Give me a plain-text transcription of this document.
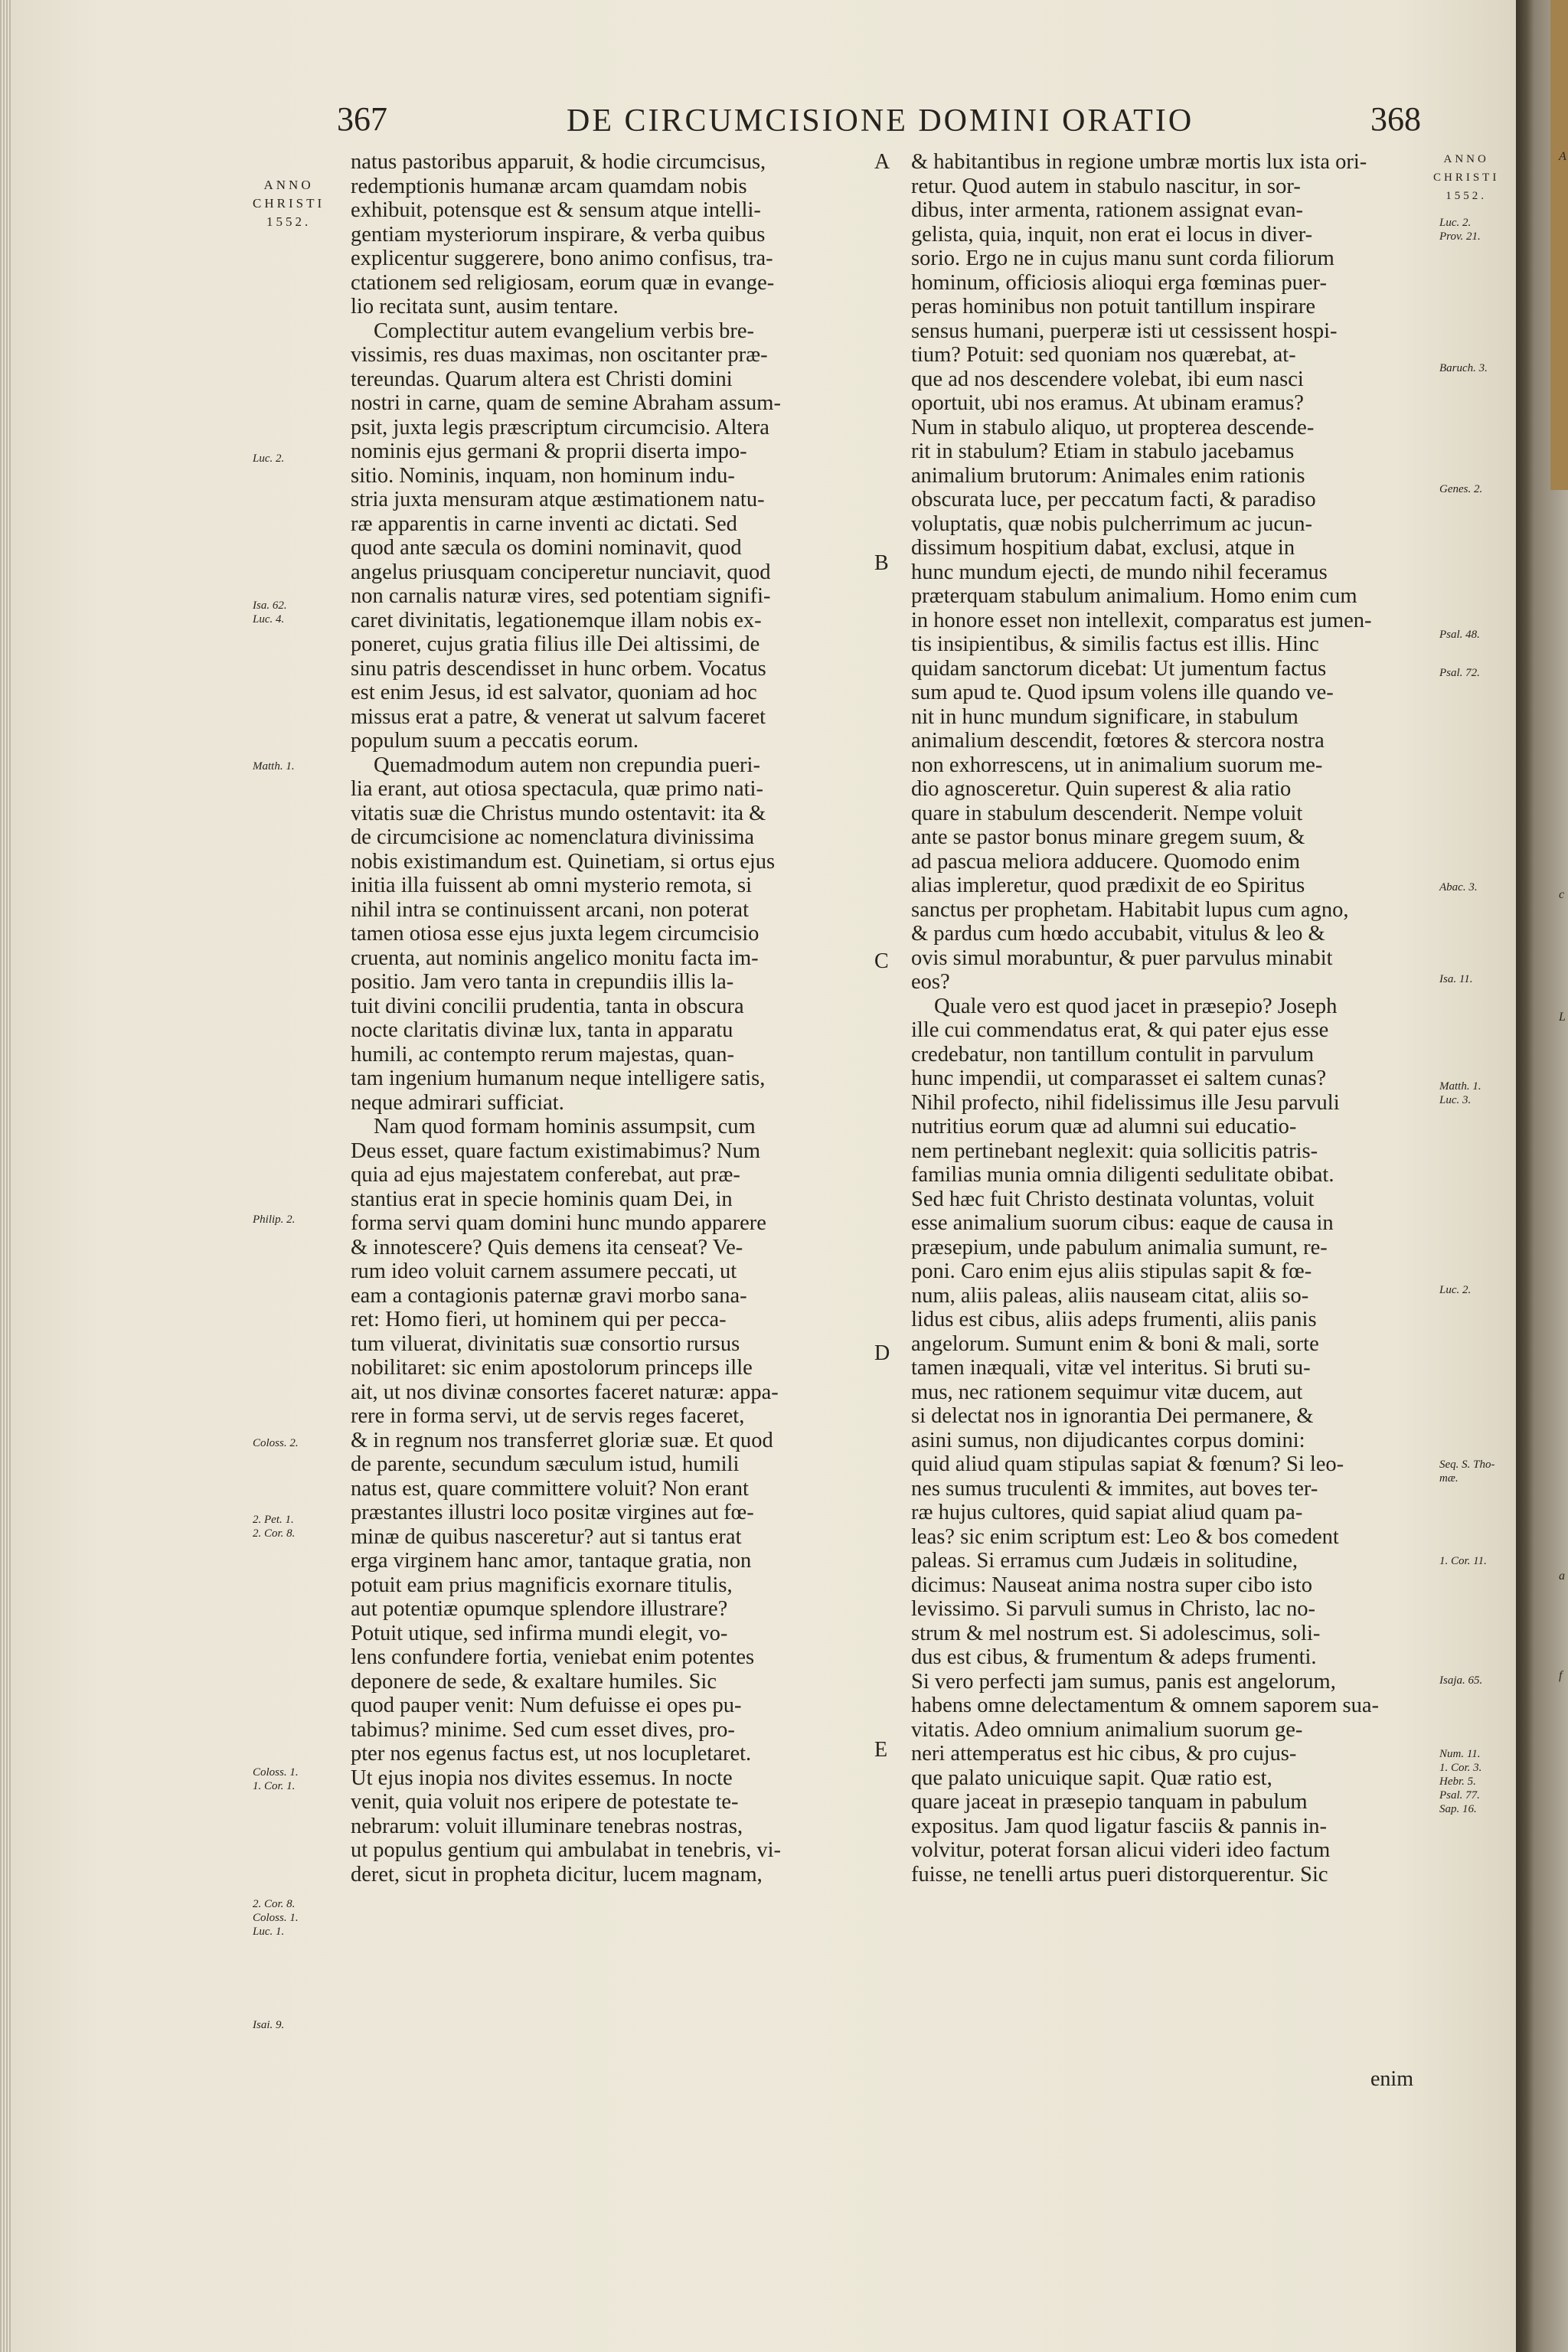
A
c
L
a
f
367	DE CIRCUMCISIONE DOMINI ORATIO	368
ANNO
CHRISTI
1552.
ANNO
CHRISTI
1552.

natus pastoribus apparuit, & hodie circumcisus,
redemptionis humanæ arcam quamdam nobis
exhibuit, potensque est & sensum atque intelli-
gentiam mysteriorum inspirare, & verba quibus
explicentur suggerere, bono animo confisus, tra-
ctationem sed religiosam, eorum quæ in evange-
lio recitata sunt, ausim tentare.

Complectitur autem evangelium verbis bre-
vissimis, res duas maximas, non oscitanter præ-
tereundas. Quarum altera est Christi domini
nostri in carne, quam de semine Abraham assum-
psit, juxta legis præscriptum circumcisio. Altera
nominis ejus germani & proprii diserta impo-
sitio. Nominis, inquam, non hominum indu-
stria juxta mensuram atque æstimationem natu-
ræ apparentis in carne inventi ac dictati. Sed
quod ante sæcula os domini nominavit, quod
angelus priusquam conciperetur nunciavit, quod
non carnalis naturæ vires, sed potentiam signifi-
caret divinitatis, legationemque illam nobis ex-
poneret, cujus gratia filius ille Dei altissimi, de
sinu patris descendisset in hunc orbem. Vocatus
est enim Jesus, id est salvator, quoniam ad hoc
missus erat a patre, & venerat ut salvum faceret
populum suum a peccatis eorum.

Quemadmodum autem non crepundia pueri-
lia erant, aut otiosa spectacula, quæ primo nati-
vitatis suæ die Christus mundo ostentavit: ita &
de circumcisione ac nomenclatura divinissima
nobis existimandum est. Quinetiam, si ortus ejus
initia illa fuissent ab omni mysterio remota, si
nihil intra se continuissent arcani, non poterat
tamen otiosa esse ejus juxta legem circumcisio
cruenta, aut nominis angelico monitu facta im-
positio. Jam vero tanta in crepundiis illis la-
tuit divini concilii prudentia, tanta in obscura
nocte claritatis divinæ lux, tanta in apparatu
humili, ac contempto rerum majestas, quan-
tam ingenium humanum neque intelligere satis,
neque admirari sufficiat.

Nam quod formam hominis assumpsit, cum
Deus esset, quare factum existimabimus? Num
quia ad ejus majestatem conferebat, aut præ-
stantius erat in specie hominis quam Dei, in
forma servi quam domini hunc mundo apparere
& innotescere? Quis demens ita censeat? Ve-
rum ideo voluit carnem assumere peccati, ut
eam a contagionis paternæ gravi morbo sana-
ret: Homo fieri, ut hominem qui per pecca-
tum viluerat, divinitatis suæ consortio rursus
nobilitaret: sic enim apostolorum princeps ille
ait, ut nos divinæ consortes faceret naturæ: appa-
rere in forma servi, ut de servis reges faceret,
& in regnum nos transferret gloriæ suæ. Et quod
de parente, secundum sæculum istud, humili
natus est, quare committere voluit? Non erant
præstantes illustri loco positæ virgines aut fœ-
minæ de quibus nasceretur? aut si tantus erat
erga virginem hanc amor, tantaque gratia, non
potuit eam prius magnificis exornare titulis,
aut potentiæ opumque splendore illustrare?
Potuit utique, sed infirma mundi elegit, vo-
lens confundere fortia, veniebat enim potentes
deponere de sede, & exaltare humiles. Sic
quod pauper venit: Num defuisse ei opes pu-
tabimus? minime. Sed cum esset dives, pro-
pter nos egenus factus est, ut nos locupletaret.
Ut ejus inopia nos divites essemus. In nocte
venit, quia voluit nos eripere de potestate te-
nebrarum: voluit illuminare tenebras nostras,
ut populus gentium qui ambulabat in tenebris, vi-
deret, sicut in propheta dicitur, lucem magnam,

& habitantibus in regione umbræ mortis lux ista ori-
retur. Quod autem in stabulo nascitur, in sor-
dibus, inter armenta, rationem assignat evan-
gelista, quia, inquit, non erat ei locus in diver-
sorio. Ergo ne in cujus manu sunt corda filiorum
hominum, officiosis alioqui erga fœminas puer-
peras hominibus non potuit tantillum inspirare
sensus humani, puerperæ isti ut cessissent hospi-
tium? Potuit: sed quoniam nos quærebat, at-
que ad nos descendere volebat, ibi eum nasci
oportuit, ubi nos eramus. At ubinam eramus?
Num in stabulo aliquo, ut propterea descende-
rit in stabulum? Etiam in stabulo jacebamus
animalium brutorum: Animales enim rationis
obscurata luce, per peccatum facti, & paradiso
voluptatis, quæ nobis pulcherrimum ac jucun-
dissimum hospitium dabat, exclusi, atque in
hunc mundum ejecti, de mundo nihil feceramus
præterquam stabulum animalium. Homo enim cum
in honore esset non intellexit, comparatus est jumen-
tis insipientibus, & similis factus est illis. Hinc
quidam sanctorum dicebat: Ut jumentum factus
sum apud te. Quod ipsum volens ille quando ve-
nit in hunc mundum significare, in stabulum
animalium descendit, fœtores & stercora nostra
non exhorrescens, ut in animalium suorum me-
dio agnosceretur. Quin superest & alia ratio
quare in stabulum descenderit. Nempe voluit
ante se pastor bonus minare gregem suum, &
ad pascua meliora adducere. Quomodo enim
alias impleretur, quod prædixit de eo Spiritus
sanctus per prophetam. Habitabit lupus cum agno,
& pardus cum hœdo accubabit, vitulus & leo &
ovis simul morabuntur, & puer parvulus minabit
eos?

Quale vero est quod jacet in præsepio? Joseph
ille cui commendatus erat, & qui pater ejus esse
credebatur, non tantillum contulit in parvulum
hunc impendii, ut comparasset ei saltem cunas?
Nihil profecto, nihil fidelissimus ille Jesu parvuli
nutritius eorum quæ ad alumni sui educatio-
nem pertinebant neglexit: quia sollicitis patris-
familias munia omnia diligenti sedulitate obibat.
Sed hæc fuit Christo destinata voluntas, voluit
esse animalium suorum cibus: eaque de causa in
præsepium, unde pabulum animalia sumunt, re-
poni. Caro enim ejus aliis stipulas sapit & fœ-
num, aliis paleas, aliis nauseam citat, aliis so-
lidus est cibus, aliis adeps frumenti, aliis panis
angelorum. Sumunt enim & boni & mali, sorte
tamen inæquali, vitæ vel interitus. Si bruti su-
mus, nec rationem sequimur vitæ ducem, aut
si delectat nos in ignorantia Dei permanere, &
asini sumus, non dijudicantes corpus domini:
quid aliud quam stipulas sapiat & fœnum? Si leo-
nes sumus truculenti & immites, aut boves ter-
ræ hujus cultores, quid sapiat aliud quam pa-
leas? sic enim scriptum est: Leo & bos comedent
paleas. Si erramus cum Judæis in solitudine,
dicimus: Nauseat anima nostra super cibo isto
levissimo. Si parvuli sumus in Christo, lac no-
strum & mel nostrum est. Si adolescimus, soli-
dus est cibus, & frumentum & adeps frumenti.
Si vero perfecti jam sumus, panis est angelorum,
habens omne delectamentum & omnem saporem sua-
vitatis. Adeo omnium animalium suorum ge-
neri attemperatus est hic cibus, & pro cujus-
que palato unicuique sapit. Quæ ratio est,
quare jaceat in præsepio tanquam in pabulum
expositus. Jam quod ligatur fasciis & pannis in-
volvitur, poterat forsan alicui videri ideo factum
fuisse, ne tenelli artus pueri distorquerentur. Sic

enim
A
B
C
D
E
Luc. 2.
Isa. 62.
Luc. 4.
Matth. 1.
Philip. 2.
Coloss. 2.
2. Pet. 1.
2. Cor. 8.
Coloss. 1.
1. Cor. 1.
2. Cor. 8.
Coloss. 1.
Luc. 1.
Isai. 9.
Luc. 2.
Prov. 21.
Baruch. 3.
Genes. 2.
Psal. 48.
Psal. 72.
Abac. 3.
Isa. 11.
Matth. 1.
Luc. 3.
Luc. 2.
Seq. S. Tho-
mæ.
1. Cor. 11.
Isaja. 65.
Num. 11.
1. Cor. 3.
Hebr. 5.
Psal. 77.
Sap. 16.
